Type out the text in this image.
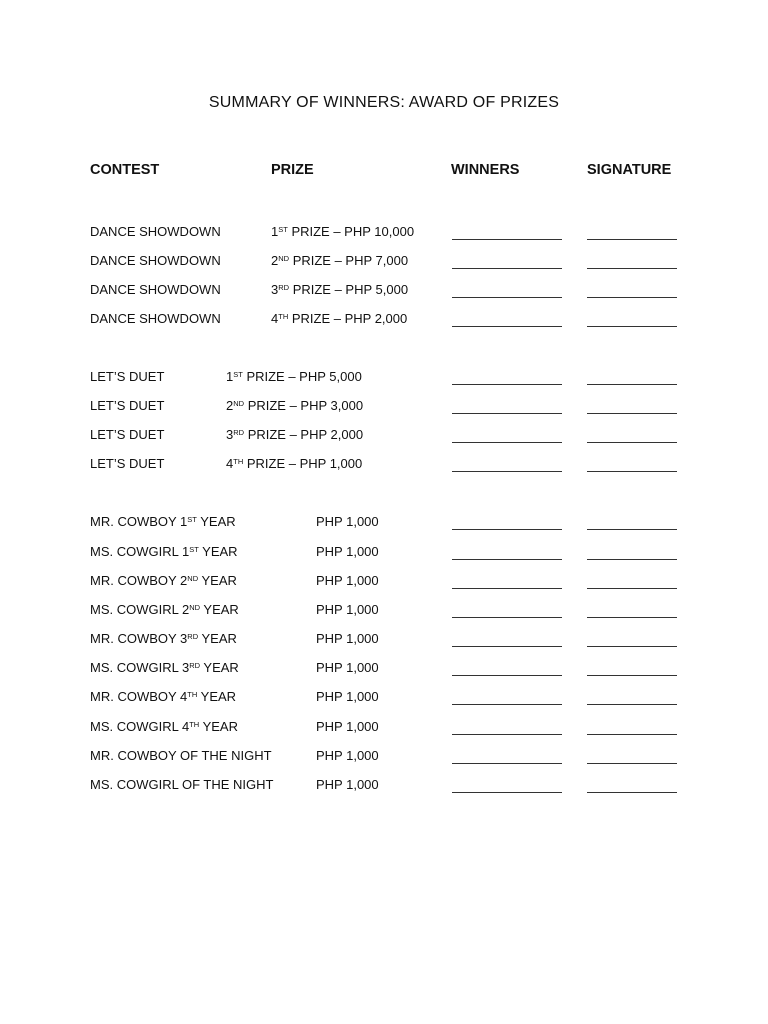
SUMMARY OF WINNERS: AWARD OF PRIZES
CONTEST	PRIZE	WINNERS	SIGNATURE
DANCE SHOWDOWN	1ST PRIZE – PHP 10,000
DANCE SHOWDOWN	2ND PRIZE – PHP 7,000
DANCE SHOWDOWN	3RD PRIZE – PHP 5,000
DANCE SHOWDOWN	4TH PRIZE – PHP 2,000
LET’S DUET	1ST PRIZE – PHP 5,000
LET’S DUET	2ND PRIZE – PHP 3,000
LET’S DUET	3RD PRIZE – PHP 2,000
LET’S DUET	4TH PRIZE – PHP 1,000
MR. COWBOY 1ST YEAR	PHP 1,000
MS. COWGIRL 1ST YEAR	PHP 1,000
MR. COWBOY 2ND YEAR	PHP 1,000
MS. COWGIRL 2ND YEAR	PHP 1,000
MR. COWBOY 3RD YEAR	PHP 1,000
MS. COWGIRL 3RD YEAR	PHP 1,000
MR. COWBOY 4TH YEAR	PHP 1,000
MS. COWGIRL 4TH YEAR	PHP 1,000
MR. COWBOY OF THE NIGHT	PHP 1,000
MS. COWGIRL OF THE NIGHT	PHP 1,000
